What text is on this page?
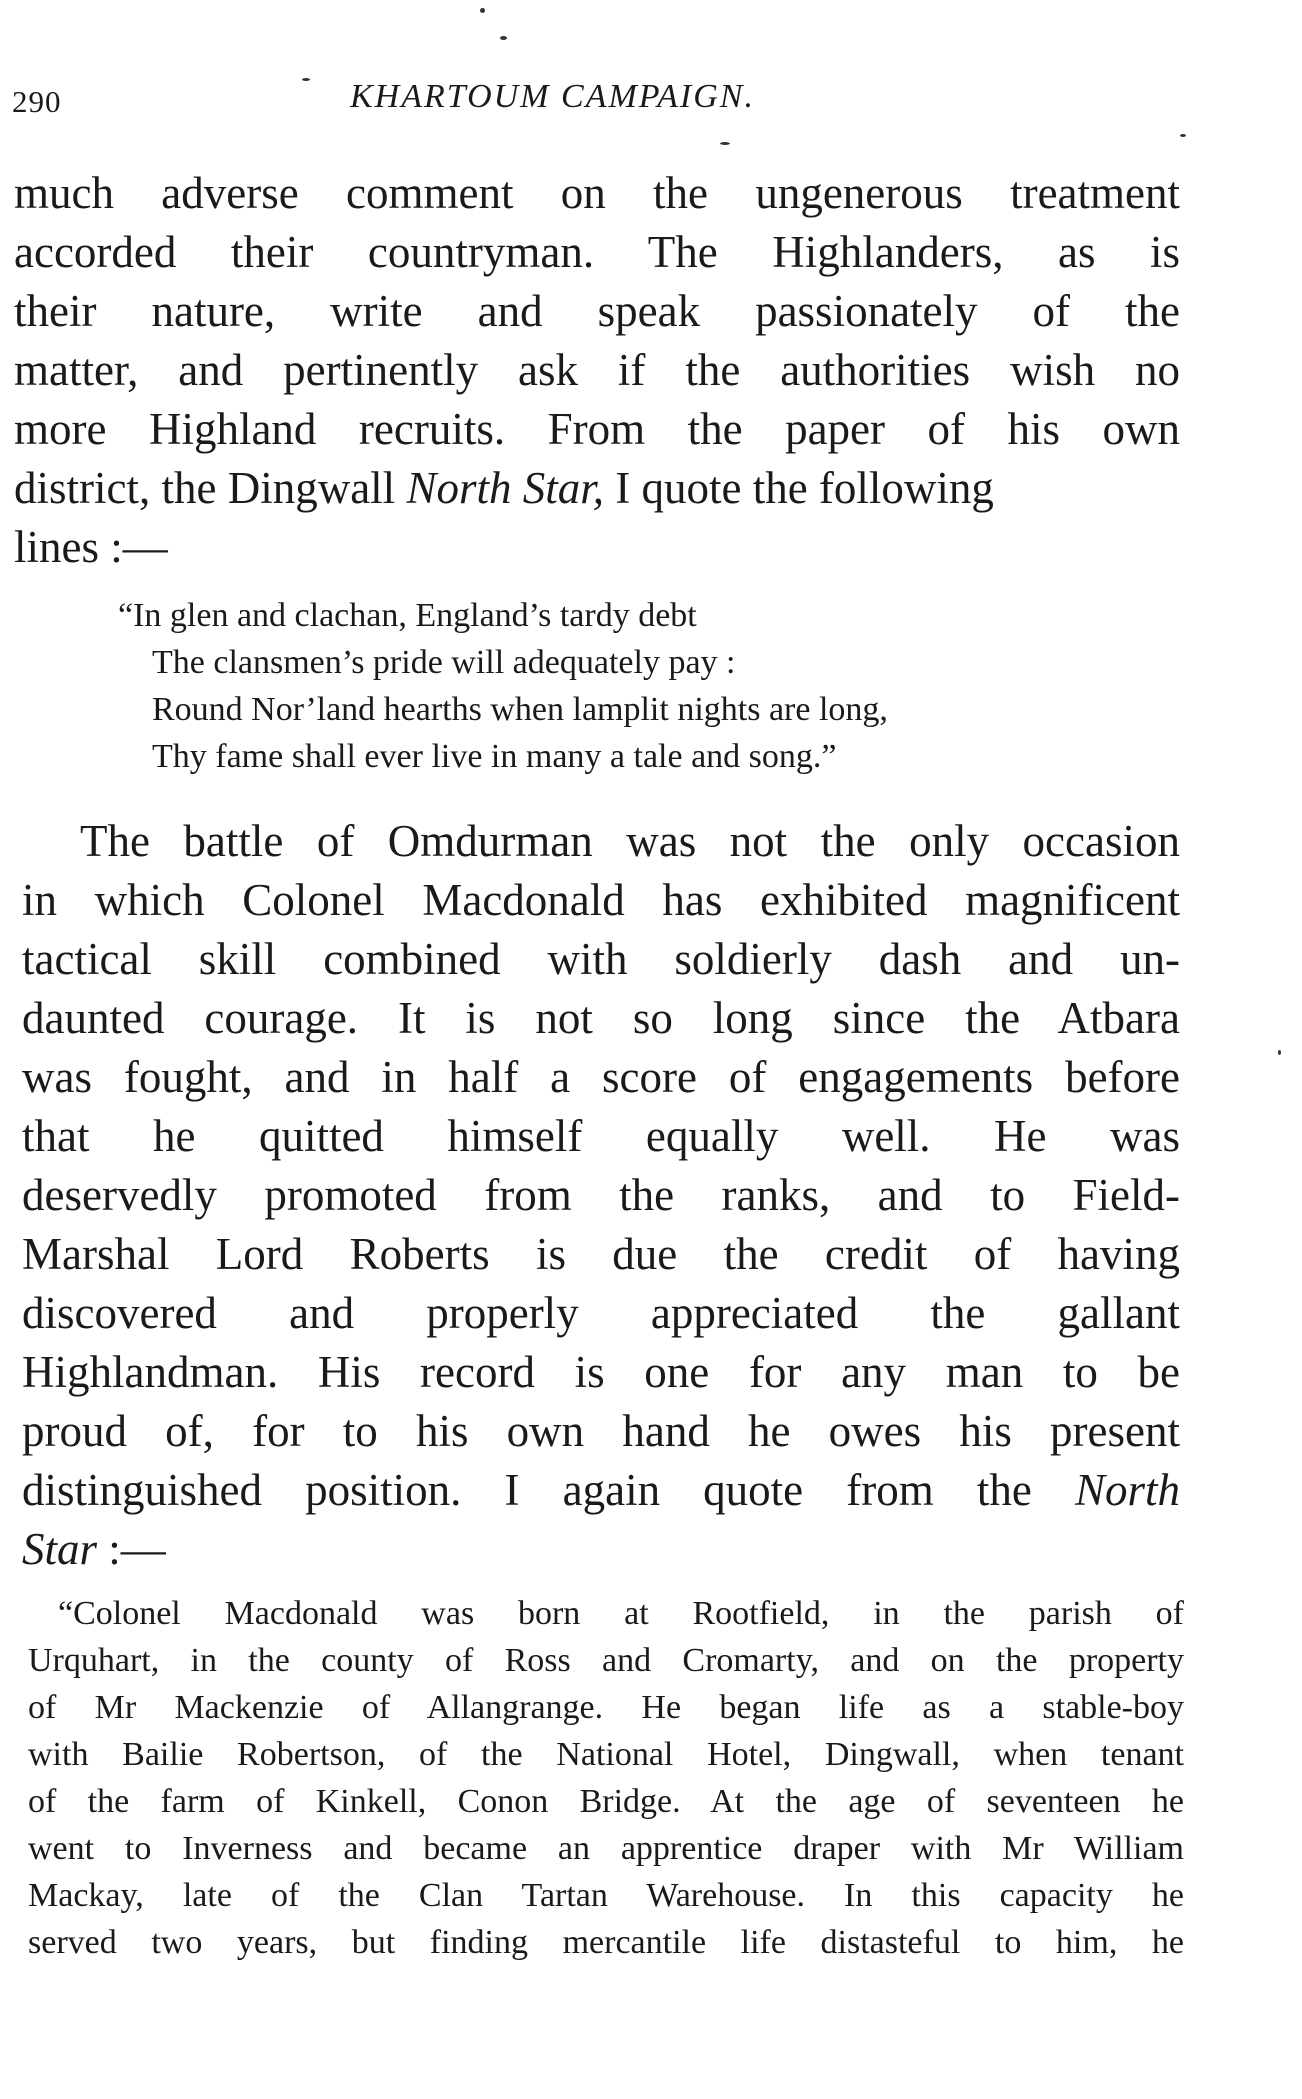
290	KHARTOUM CAMPAIGN.
much adverse comment on the ungenerous treatment
accorded their countryman. The Highlanders, as is
their nature, write and speak passionately of the
matter, and pertinently ask if the authorities wish no
more Highland recruits. From the paper of his own
district, the Dingwall North Star, I quote the following
lines :—
“In glen and clachan, England’s tardy debt
The clansmen’s pride will adequately pay :
Round Nor’land hearths when lamplit nights are long,
Thy fame shall ever live in many a tale and song.”
The battle of Omdurman was not the only occasion
in which Colonel Macdonald has exhibited magnificent
tactical skill combined with soldierly dash and un-
daunted courage. It is not so long since the Atbara
was fought, and in half a score of engagements before
that he quitted himself equally well. He was
deservedly promoted from the ranks, and to Field-
Marshal Lord Roberts is due the credit of having
discovered and properly appreciated the gallant
Highlandman. His record is one for any man to be
proud of, for to his own hand he owes his present
distinguished position. I again quote from the North
Star :—
“Colonel Macdonald was born at Rootfield, in the parish of
Urquhart, in the county of Ross and Cromarty, and on the property
of Mr Mackenzie of Allangrange. He began life as a stable-boy
with Bailie Robertson, of the National Hotel, Dingwall, when tenant
of the farm of Kinkell, Conon Bridge. At the age of seventeen he
went to Inverness and became an apprentice draper with Mr William
Mackay, late of the Clan Tartan Warehouse. In this capacity he
served two years, but finding mercantile life distasteful to him, he
